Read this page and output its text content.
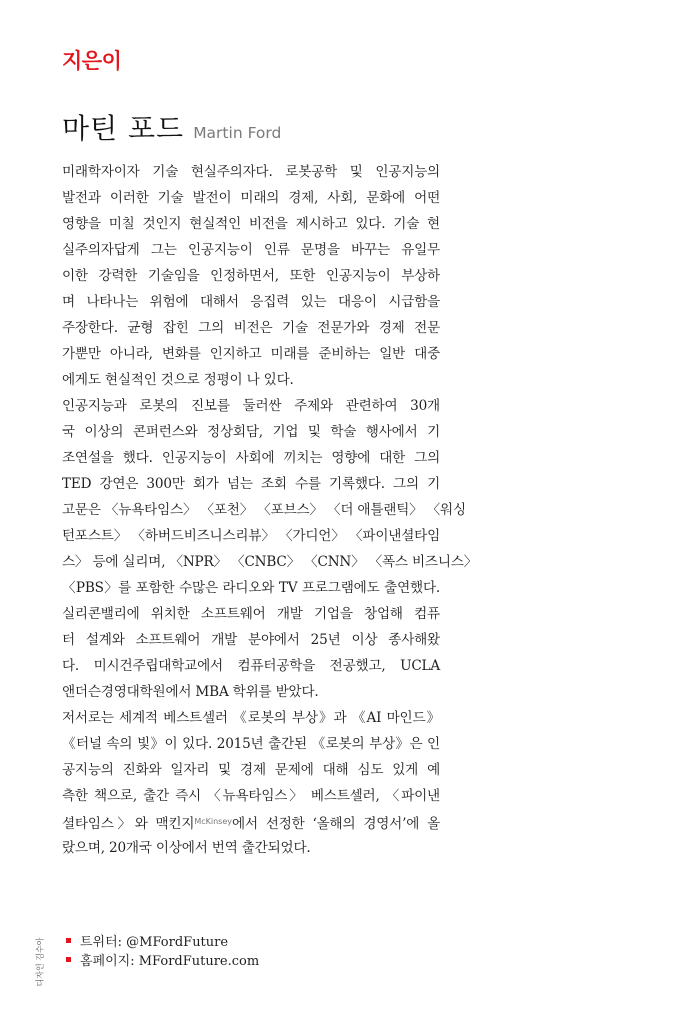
지은이
마틴 포드 Martin Ford

미래학자이자 기술 현실주의자다. 로봇공학 및 인공지능의
발전과 이러한 기술 발전이 미래의 경제, 사회, 문화에 어떤
영향을 미칠 것인지 현실적인 비전을 제시하고 있다. 기술 현
실주의자답게 그는 인공지능이 인류 문명을 바꾸는 유일무
이한 강력한 기술임을 인정하면서, 또한 인공지능이 부상하
며 나타나는 위험에 대해서 응집력 있는 대응이 시급함을
주장한다. 균형 잡힌 그의 비전은 기술 전문가와 경제 전문
가뿐만 아니라, 변화를 인지하고 미래를 준비하는 일반 대중
에게도 현실적인 것으로 정평이 나 있다.

인공지능과 로봇의 진보를 둘러싼 주제와 관련하여 30개
국 이상의 콘퍼런스와 정상회담, 기업 및 학술 행사에서 기
조연설을 했다. 인공지능이 사회에 끼치는 영향에 대한 그의
TED 강연은 300만 회가 넘는 조회 수를 기록했다. 그의 기
고문은 〈뉴욕타임스〉 〈포천〉 〈포브스〉 〈더 애틀랜틱〉 〈워싱
턴포스트〉 〈하버드비즈니스리뷰〉 〈가디언〉 〈파이낸셜타임
스〉 등에 실리며, 〈NPR〉 〈CNBC〉 〈CNN〉 〈폭스 비즈니스〉
〈PBS〉를 포함한 수많은 라디오와 TV 프로그램에도 출연했다.

실리콘밸리에 위치한 소프트웨어 개발 기업을 창업해 컴퓨
터 설계와 소프트웨어 개발 분야에서 25년 이상 종사해왔
다. 미시건주립대학교에서 컴퓨터공학을 전공했고, UCLA
앤더슨경영대학원에서 MBA 학위를 받았다.

저서로는 세계적 베스트셀러 《로봇의 부상》과 《AI 마인드》
《터널 속의 빛》이 있다. 2015년 출간된 《로봇의 부상》은 인
공지능의 진화와 일자리 및 경제 문제에 대해 심도 있게 예
측한 책으로, 출간 즉시 〈뉴욕타임스〉 베스트셀러, 〈파이낸
셜타임스〉와 맥킨지$^{McKinsey}$에서 선정한 ‘올해의 경영서’에 올
랐으며, 20개국 이상에서 번역 출간되었다.

트위터: @MFordFuture
홈페이지: MFordFuture.com
디자인 김수아
